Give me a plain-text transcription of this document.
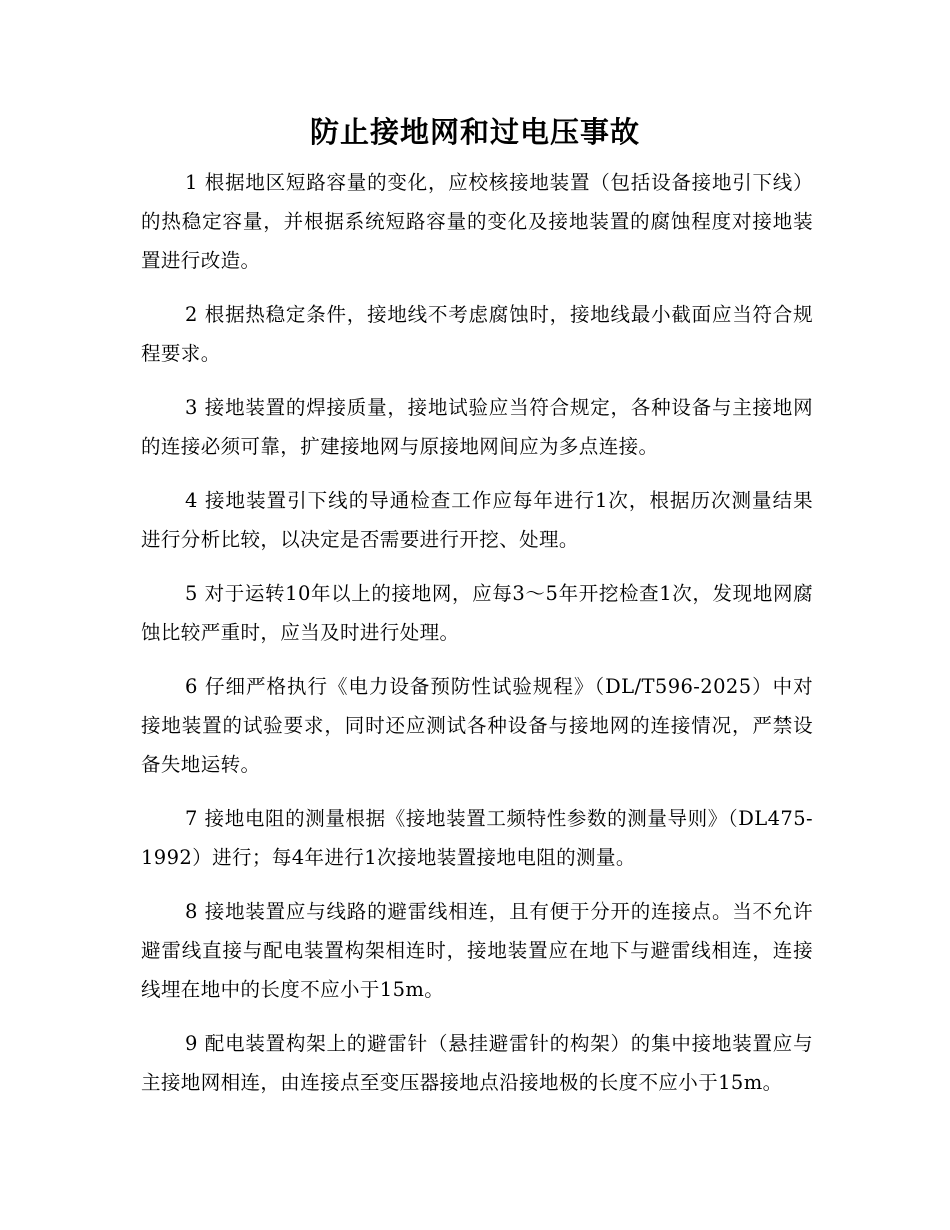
防止接地网和过电压事故

1 根据地区短路容量的变化，应校核接地装置（包括设备接地引下线）的热稳定容量，并根据系统短路容量的变化及接地装置的腐蚀程度对接地装置进行改造。

2 根据热稳定条件，接地线不考虑腐蚀时，接地线最小截面应当符合规程要求。

3 接地装置的焊接质量，接地试验应当符合规定，各种设备与主接地网的连接必须可靠，扩建接地网与原接地网间应为多点连接。

4 接地装置引下线的导通检查工作应每年进行1次，根据历次测量结果进行分析比较，以决定是否需要进行开挖、处理。

5 对于运转10年以上的接地网，应每3～5年开挖检查1次，发现地网腐蚀比较严重时，应当及时进行处理。

6 仔细严格执行《电力设备预防性试验规程》（DL/T596-2025）中对接地装置的试验要求，同时还应测试各种设备与接地网的连接情况，严禁设备失地运转。

7 接地电阻的测量根据《接地装置工频特性参数的测量导则》（DL475-1992）进行；每4年进行1次接地装置接地电阻的测量。

8 接地装置应与线路的避雷线相连，且有便于分开的连接点。当不允许避雷线直接与配电装置构架相连时，接地装置应在地下与避雷线相连，连接线埋在地中的长度不应小于15m。

9 配电装置构架上的避雷针（悬挂避雷针的构架）的集中接地装置应与主接地网相连，由连接点至变压器接地点沿接地极的长度不应小于15m。
